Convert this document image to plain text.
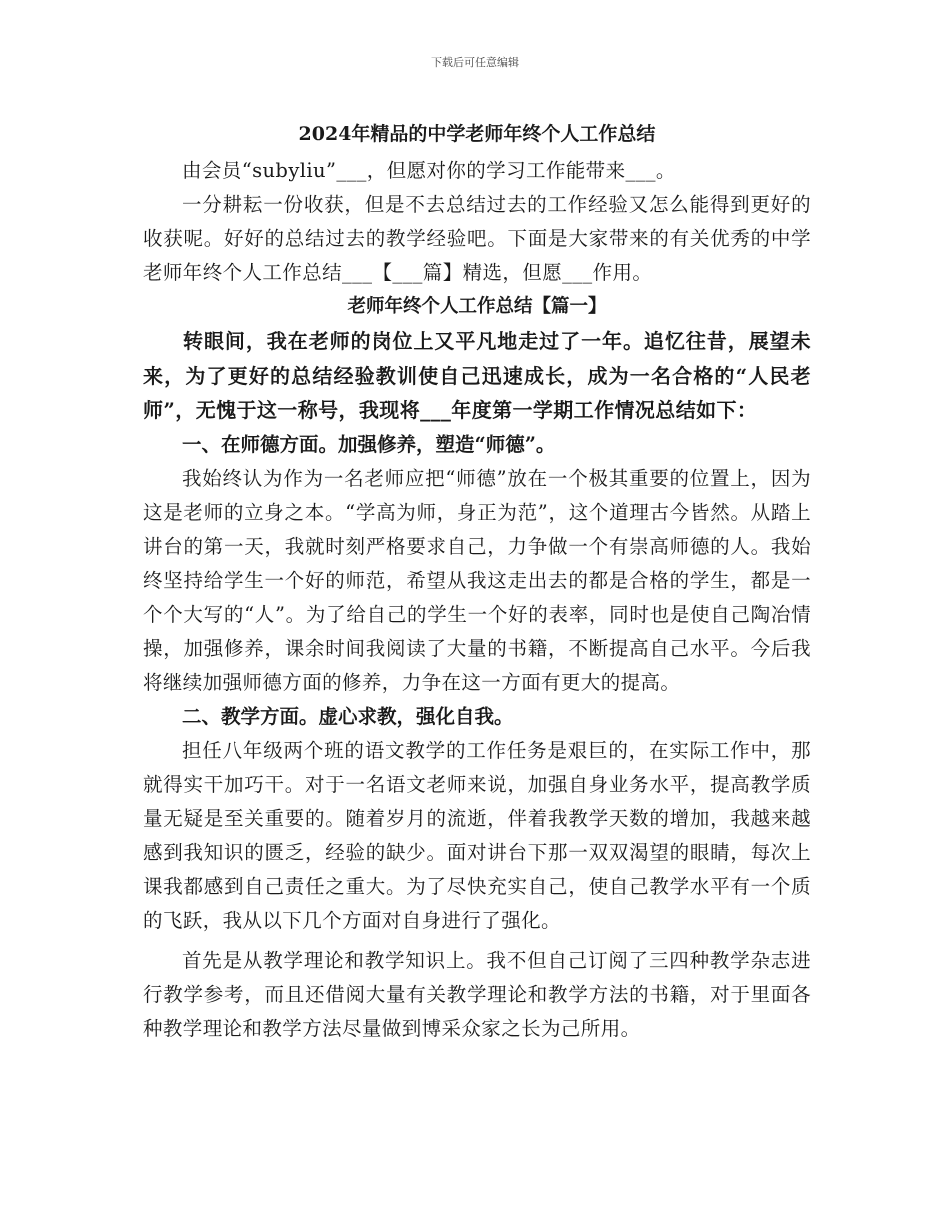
下载后可任意编辑
2024年精品的中学老师年终个人工作总结

由会员“subyliu”___，但愿对你的学习工作能带来___。

一分耕耘一份收获，但是不去总结过去的工作经验又怎么能得到更好的收获呢。好好的总结过去的教学经验吧。下面是大家带来的有关优秀的中学老师年终个人工作总结___【___篇】精选，但愿___作用。

老师年终个人工作总结【篇一】

转眼间，我在老师的岗位上又平凡地走过了一年。追忆往昔，展望未来，为了更好的总结经验教训使自己迅速成长，成为一名合格的“人民老师”，无愧于这一称号，我现将___年度第一学期工作情况总结如下：

一、在师德方面。加强修养，塑造“师德”。

我始终认为作为一名老师应把“师德”放在一个极其重要的位置上，因为这是老师的立身之本。“学高为师，身正为范”，这个道理古今皆然。从踏上讲台的第一天，我就时刻严格要求自己，力争做一个有崇高师德的人。我始终坚持给学生一个好的师范，希望从我这走出去的都是合格的学生，都是一个个大写的“人”。为了给自己的学生一个好的表率，同时也是使自己陶冶情操，加强修养，课余时间我阅读了大量的书籍，不断提高自己水平。今后我将继续加强师德方面的修养，力争在这一方面有更大的提高。

二、教学方面。虚心求教，强化自我。

担任八年级两个班的语文教学的工作任务是艰巨的，在实际工作中，那就得实干加巧干。对于一名语文老师来说，加强自身业务水平，提高教学质量无疑是至关重要的。随着岁月的流逝，伴着我教学天数的增加，我越来越感到我知识的匮乏，经验的缺少。面对讲台下那一双双渴望的眼睛，每次上课我都感到自己责任之重大。为了尽快充实自己，使自己教学水平有一个质的飞跃，我从以下几个方面对自身进行了强化。

首先是从教学理论和教学知识上。我不但自己订阅了三四种教学杂志进行教学参考，而且还借阅大量有关教学理论和教学方法的书籍，对于里面各种教学理论和教学方法尽量做到博采众家之长为己所用。
